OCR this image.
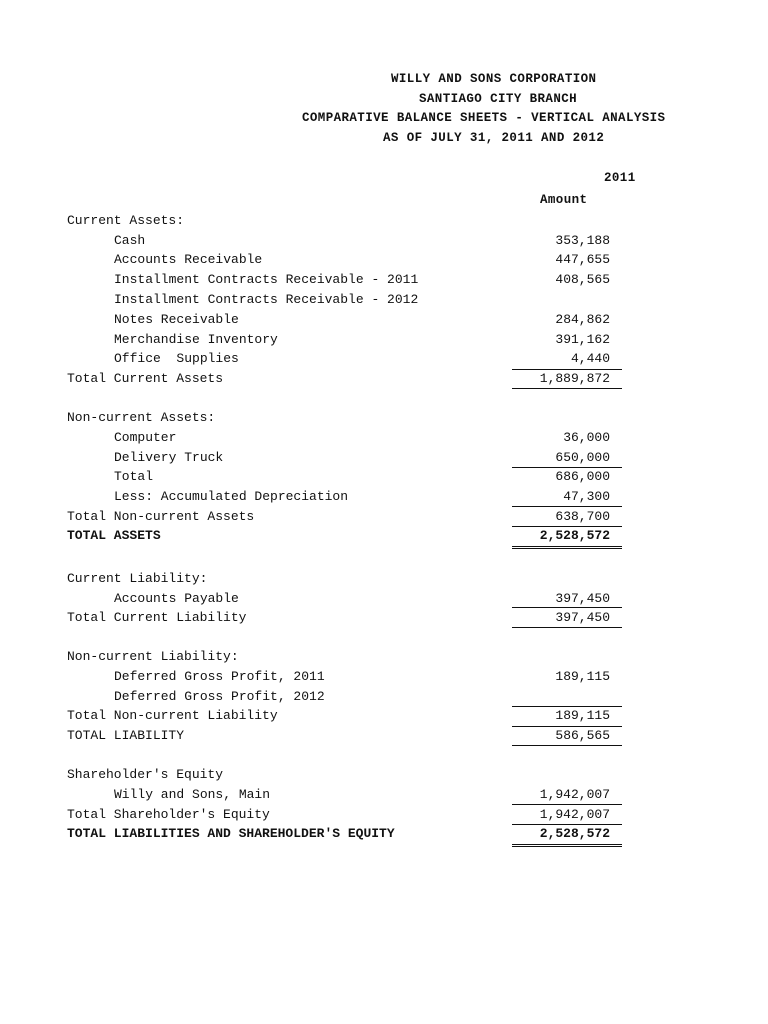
WILLY AND SONS CORPORATION
SANTIAGO CITY BRANCH
COMPARATIVE BALANCE SHEETS - VERTICAL ANALYSIS
AS OF JULY 31, 2011 AND 2012
2011
Amount
Current Assets:
Cash	353,188
Accounts Receivable	447,655
Installment Contracts Receivable - 2011	408,565
Installment Contracts Receivable - 2012
Notes Receivable	284,862
Merchandise Inventory	391,162
Office  Supplies	4,440
Total Current Assets	1,889,872
Non-current Assets:
Computer	36,000
Delivery Truck	650,000
Total	686,000
Less: Accumulated Depreciation	47,300
Total Non-current Assets	638,700
TOTAL ASSETS	2,528,572
Current Liability:
Accounts Payable	397,450
Total Current Liability	397,450
Non-current Liability:
Deferred Gross Profit, 2011	189,115
Deferred Gross Profit, 2012
Total Non-current Liability	189,115
TOTAL LIABILITY	586,565
Shareholder's Equity
Willy and Sons, Main	1,942,007
Total Shareholder's Equity	1,942,007
TOTAL LIABILITIES AND SHAREHOLDER'S EQUITY	2,528,572
